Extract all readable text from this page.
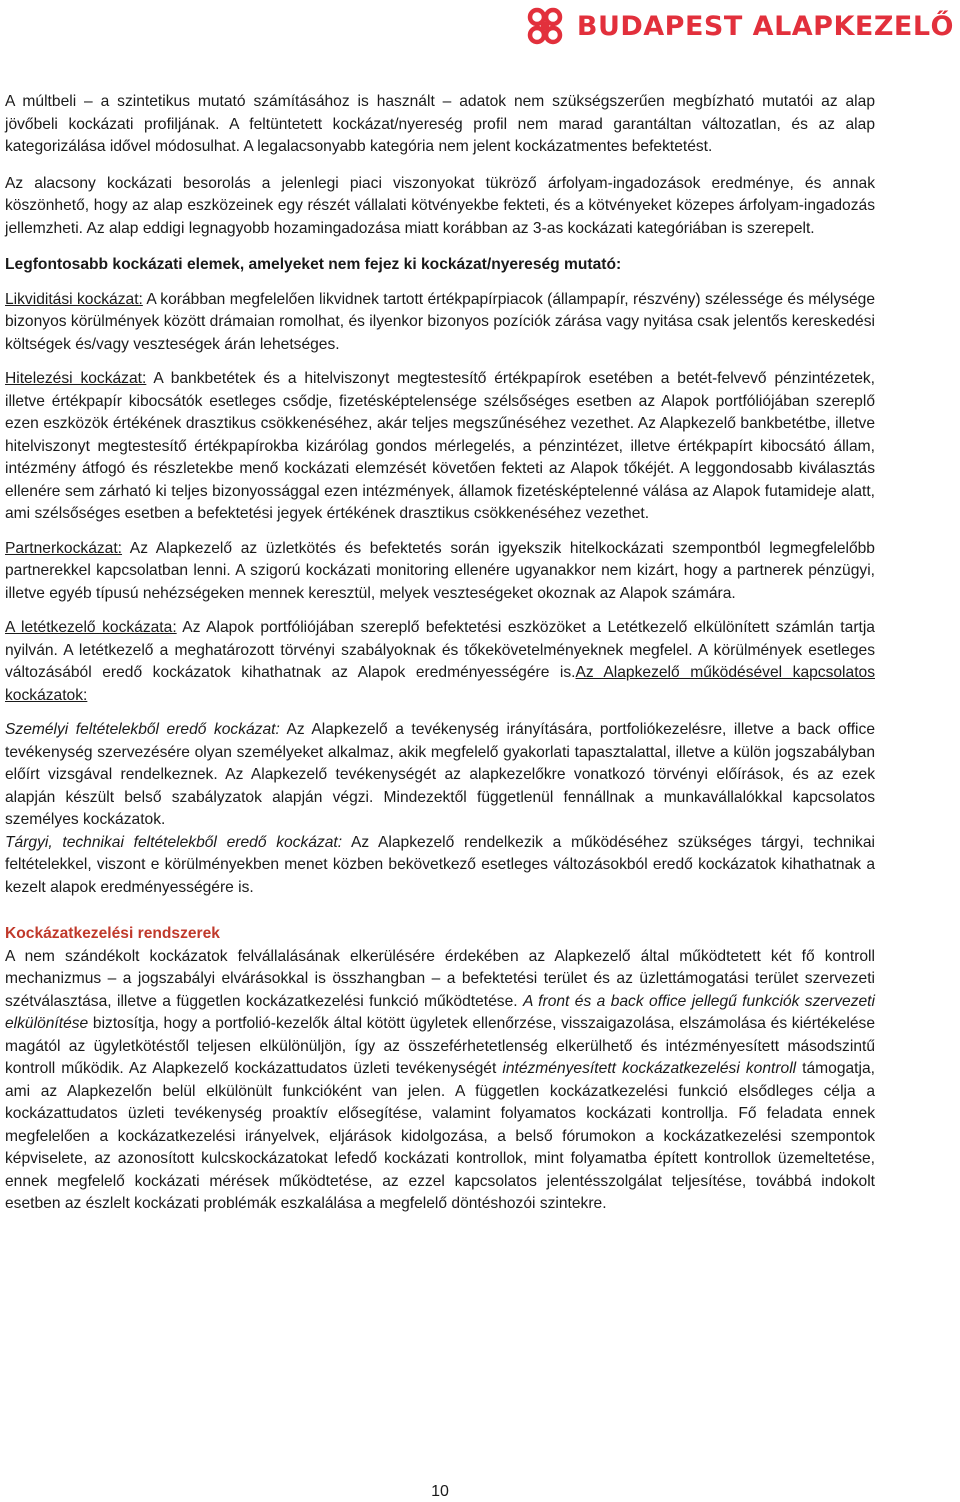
BUDAPEST ALAPKEZELŐ

A múltbeli – a szintetikus mutató számításához is használt – adatok nem szükségszerűen megbízható mutatói az alap jövőbeli kockázati profiljának. A feltüntetett kockázat/nyereség profil nem marad garantáltan változatlan, és az alap kategorizálása idővel módosulhat. A legalacsonyabb kategória nem jelent kockázatmentes befektetést.

Az alacsony kockázati besorolás a jelenlegi piaci viszonyokat tükröző árfolyam-ingadozások eredménye, és annak köszönhető, hogy az alap eszközeinek egy részét vállalati kötvényekbe fekteti, és a kötvényeket közepes árfolyam-ingadozás jellemzheti. Az alap eddigi legnagyobb hozamingadozása miatt korábban az 3-as kockázati kategóriában is szerepelt.

Legfontosabb kockázati elemek, amelyeket nem fejez ki kockázat/nyereség mutató:

Likviditási kockázat: A korábban megfelelően likvidnek tartott értékpapírpiacok (állampapír, részvény) szélessége és mélysége bizonyos körülmények között drámaian romolhat, és ilyenkor bizonyos pozíciók zárása vagy nyitása csak jelentős kereskedési költségek és/vagy veszteségek árán lehetséges.

Hitelezési kockázat: A bankbetétek és a hitelviszonyt megtestesítő értékpapírok esetében a betét-felvevő pénzintézetek, illetve értékpapír kibocsátók esetleges csődje, fizetésképtelensége szélsőséges esetben az Alapok portfóliójában szereplő ezen eszközök értékének drasztikus csökkenéséhez, akár teljes megszűnéséhez vezethet. Az Alapkezelő bankbetétbe, illetve hitelviszonyt megtestesítő értékpapírokba kizárólag gondos mérlegelés, a pénzintézet, illetve értékpapírt kibocsátó állam, intézmény átfogó és részletekbe menő kockázati elemzését követően fekteti az Alapok tőkéjét. A leggondosabb kiválasztás ellenére sem zárható ki teljes bizonyossággal ezen intézmények, államok fizetésképtelenné válása az Alapok futamideje alatt, ami szélsőséges esetben a befektetési jegyek értékének drasztikus csökkenéséhez vezethet.

Partnerkockázat: Az Alapkezelő az üzletkötés és befektetés során igyekszik hitelkockázati szempontból legmegfelelőbb partnerekkel kapcsolatban lenni. A szigorú kockázati monitoring ellenére ugyanakkor nem kizárt, hogy a partnerek pénzügyi, illetve egyéb típusú nehézségeken mennek keresztül, melyek veszteségeket okoznak az Alapok számára.

A letétkezelő kockázata: Az Alapok portfóliójában szereplő befektetési eszközöket a Letétkezelő elkülönített számlán tartja nyilván. A letétkezelő a meghatározott törvényi szabályoknak és tőkekövetelményeknek megfelel. A körülmények esetleges változásából eredő kockázatok kihathatnak az Alapok eredményességére is.Az Alapkezelő működésével kapcsolatos kockázatok:

Személyi feltételekből eredő kockázat: Az Alapkezelő a tevékenység irányítására, portfoliókezelésre, illetve a back office tevékenység szervezésére olyan személyeket alkalmaz, akik megfelelő gyakorlati tapasztalattal, illetve a külön jogszabályban előírt vizsgával rendelkeznek. Az Alapkezelő tevékenységét az alapkezelőkre vonatkozó törvényi előírások, és az ezek alapján készült belső szabályzatok alapján végzi. Mindezektől függetlenül fennállnak a munkavállalókkal kapcsolatos személyes kockázatok.

Tárgyi, technikai feltételekből eredő kockázat: Az Alapkezelő rendelkezik a működéséhez szükséges tárgyi, technikai feltételekkel, viszont e körülményekben menet közben bekövetkező esetleges változásokból eredő kockázatok kihathatnak a kezelt alapok eredményességére is.

Kockázatkezelési rendszerek

A nem szándékolt kockázatok felvállalásának elkerülésére érdekében az Alapkezelő által működtetett két fő kontroll mechanizmus – a jogszabályi elvárásokkal is összhangban – a befektetési terület és az üzlettámogatási terület szervezeti szétválasztása, illetve a független kockázatkezelési funkció működtetése. A front és a back office jellegű funkciók szervezeti elkülönítése biztosítja, hogy a portfolió-kezelők által kötött ügyletek ellenőrzése, visszaigazolása, elszámolása és kiértékelése magától az ügyletkötéstől teljesen elkülönüljön, így az összeférhetetlenség elkerülhető és intézményesített másodszintű kontroll működik. Az Alapkezelő kockázattudatos üzleti tevékenységét intézményesített kockázatkezelési kontroll támogatja, ami az Alapkezelőn belül elkülönült funkcióként van jelen. A független kockázatkezelési funkció elsődleges célja a kockázattudatos üzleti tevékenység proaktív elősegítése, valamint folyamatos kockázati kontrollja. Fő feladata ennek megfelelően a kockázatkezelési irányelvek, eljárások kidolgozása, a belső fórumokon a kockázatkezelési szempontok képviselete, az azonosított kulcskockázatokat lefedő kockázati kontrollok, mint folyamatba épített kontrollok üzemeltetése, ennek megfelelő kockázati mérések működtetése, az ezzel kapcsolatos jelentésszolgálat teljesítése, továbbá indokolt esetben az észlelt kockázati problémák eszkalálása a megfelelő döntéshozói szintekre.

10
